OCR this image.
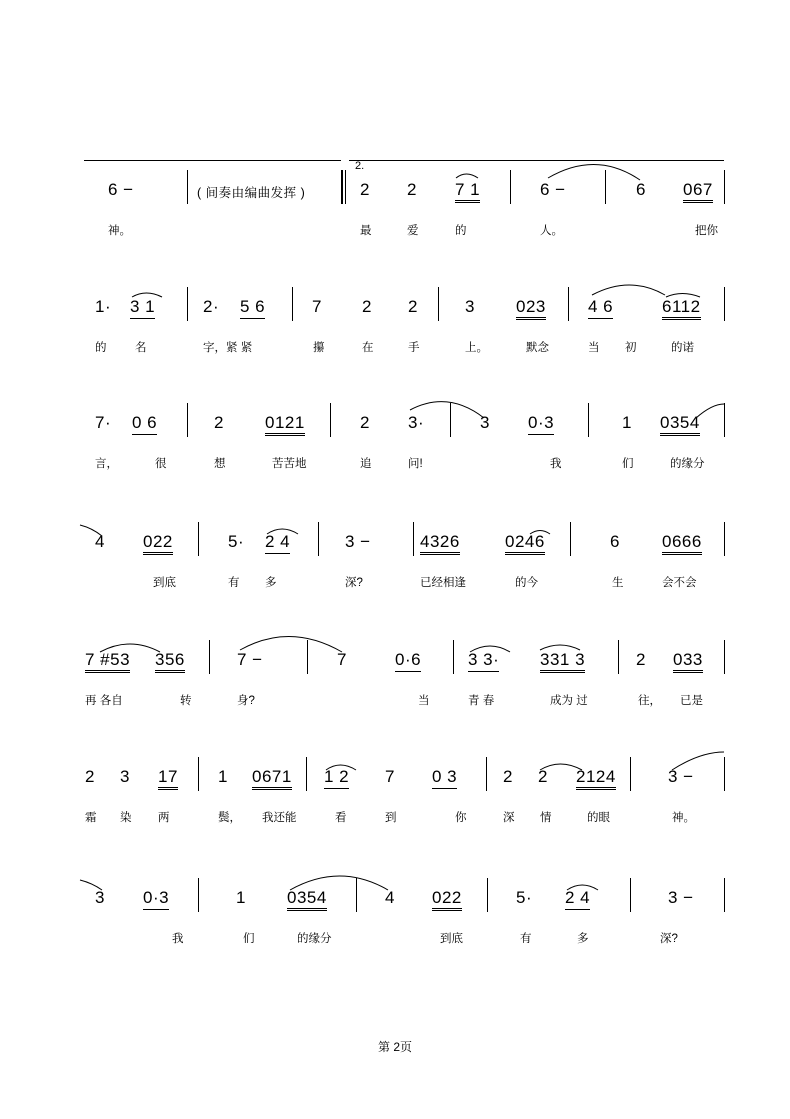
2.
6 −	( 间奏由编曲发挥 )	2 2 7 1	6 −	6 067
神。	最	爱	的	人。	把你
1· 3 1	2· 5 6	7 2 2	3 023 4 6	6112
的 名	字，紧 紧	攥	在	手	上。	默念	当 初	的诺
7· 0 6	2 0121	2 3·	3 0·3	1 0354
言，	很	想	苦苦地	追	问!	我	们	的缘分
4 022	5· 2 4	3 −	4326	0246	6 0666
到底	有 多	深?	已经相逢	的今	生	会不会
7 #53 356	7 −	7	0·6	3 3· 331 3	2 033
再 各自	转	身?	当	青 春	成为 过	往， 已是
2 3 17 1 0671 1 2 7 0 3	2 2 2124	3 −
霜 染 两	鬓， 我还能	看	到	你	深 情	的眼	神。
3 0·3	1 0354	4 022	5· 2 4	3 −
我	们	的缘分	到底	有	多	深?
第 2页
